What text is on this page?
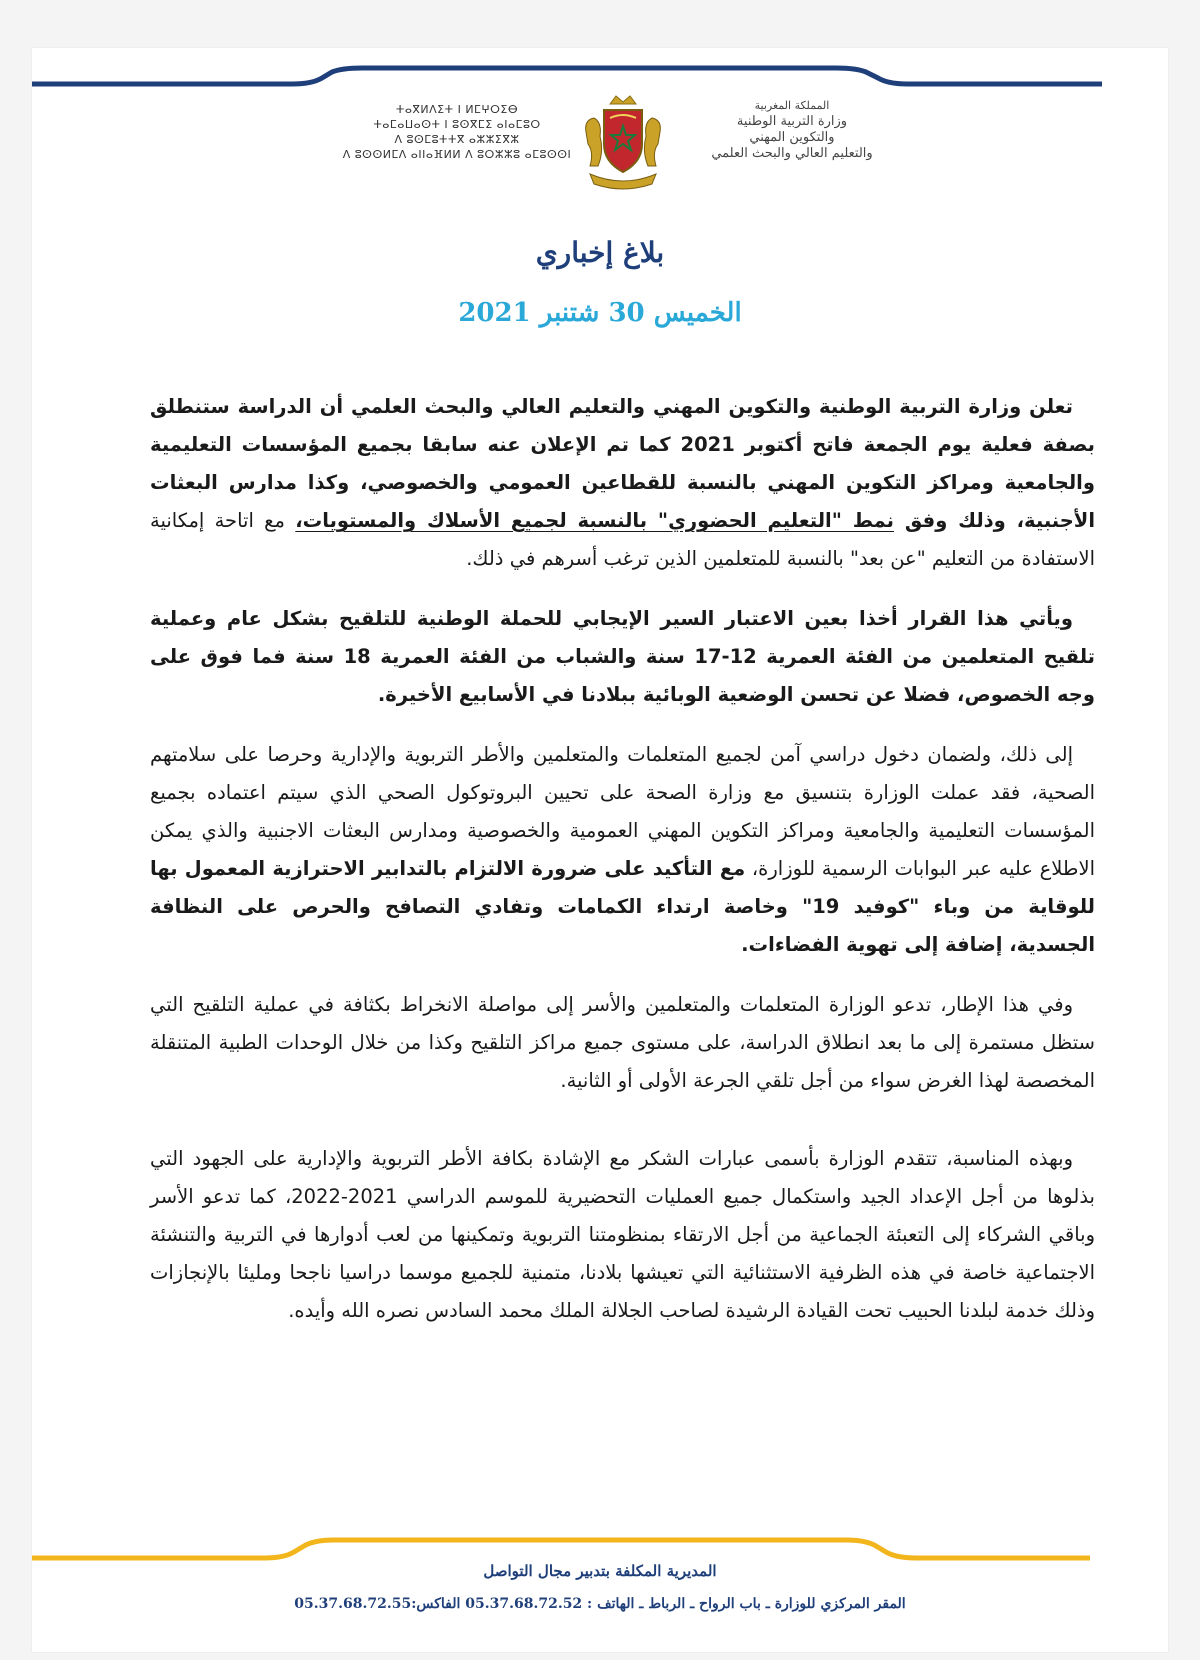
ⵜⴰⴳⵍⴷⵉⵜ ⵏ ⵍⵎⵖⵔⵉⴱ
ⵜⴰⵎⴰⵡⴰⵙⵜ ⵏ ⵓⵙⴳⵎⵉ ⴰⵏⴰⵎⵓⵔ
ⴷ ⵓⵙⵎⵓⵜⵜⴳ ⴰⵣⵣⵉⴳⵣ
ⴷ ⵓⵙⵙⵍⵎⴷ ⴰⵏⵏⴰⴼⵍⵍ ⴷ ⵓⵔⵣⵣⵓ ⴰⵎⵓⵙⵙⵏ
المملكة المغربية
وزارة التربية الوطنية
والتكوين المهني
والتعليم العالي والبحث العلمي
بلاغ إخباري
الخميس 30 شتنبر 2021

تعلن وزارة التربية الوطنية والتكوين المهني والتعليم العالي والبحث العلمي أن الدراسة ستنطلق بصفة فعلية يوم الجمعة فاتح أكتوبر 2021 كما تم الإعلان عنه سابقا بجميع المؤسسات التعليمية والجامعية ومراكز التكوين المهني بالنسبة للقطاعين العمومي والخصوصي، وكذا مدارس البعثات الأجنبية، وذلك وفق نمط "التعليم الحضوري" بالنسبة لجميع الأسلاك والمستويات، مع اتاحة إمكانية الاستفادة من التعليم "عن بعد" بالنسبة للمتعلمين الذين ترغب أسرهم في ذلك.

ويأتي هذا القرار أخذا بعين الاعتبار السير الإيجابي للحملة الوطنية للتلقيح بشكل عام وعملية تلقيح المتعلمين من الفئة العمرية 12-17 سنة والشباب من الفئة العمرية 18 سنة فما فوق على وجه الخصوص، فضلا عن تحسن الوضعية الوبائية ببلادنا في الأسابيع الأخيرة.

إلى ذلك، ولضمان دخول دراسي آمن لجميع المتعلمات والمتعلمين والأطر التربوية والإدارية وحرصا على سلامتهم الصحية، فقد عملت الوزارة بتنسيق مع وزارة الصحة على تحيين البروتوكول الصحي الذي سيتم اعتماده بجميع المؤسسات التعليمية والجامعية ومراكز التكوين المهني العمومية والخصوصية ومدارس البعثات الاجنبية والذي يمكن الاطلاع عليه عبر البوابات الرسمية للوزارة، مع التأكيد على ضرورة الالتزام بالتدابير الاحترازية المعمول بها للوقاية من وباء "كوفيد 19" وخاصة ارتداء الكمامات وتفادي التصافح والحرص على النظافة الجسدية، إضافة إلى تهوية الفضاءات.

وفي هذا الإطار، تدعو الوزارة المتعلمات والمتعلمين والأسر إلى مواصلة الانخراط بكثافة في عملية التلقيح التي ستظل مستمرة إلى ما بعد انطلاق الدراسة، على مستوى جميع مراكز التلقيح وكذا من خلال الوحدات الطبية المتنقلة المخصصة لهذا الغرض سواء من أجل تلقي الجرعة الأولى أو الثانية.

وبهذه المناسبة، تتقدم الوزارة بأسمى عبارات الشكر مع الإشادة بكافة الأطر التربوية والإدارية على الجهود التي بذلوها من أجل الإعداد الجيد واستكمال جميع العمليات التحضيرية للموسم الدراسي 2021-2022، كما تدعو الأسر وباقي الشركاء إلى التعبئة الجماعية من أجل الارتقاء بمنظومتنا التربوية وتمكينها من لعب أدوارها في التربية والتنشئة الاجتماعية خاصة في هذه الظرفية الاستثنائية التي تعيشها بلادنا، متمنية للجميع موسما دراسيا ناجحا ومليئا بالإنجازات وذلك خدمة لبلدنا الحبيب تحت القيادة الرشيدة لصاحب الجلالة الملك محمد السادس نصره الله وأيده.

المديرية المكلفة بتدبير مجال التواصل
المقر المركزي للوزارة ـ باب الرواح ـ الرباط ـ الهاتف : 05.37.68.72.52 الفاكس:05.37.68.72.55
